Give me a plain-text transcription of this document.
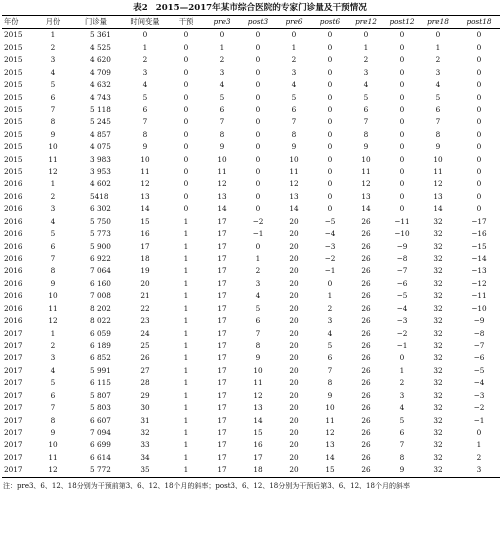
表2 2015—2017年某市综合医院的专家门诊量及干预情况
年份	月份	门诊量	时间变量	干预	pre3	post3	pre6	post6	pre12	post12	pre18	post18
2015	1	5 361	0	0	0	0	0	0	0	0	0	0
2015	2	4 525	1	0	1	0	1	0	1	0	1	0
2015	3	4 620	2	0	2	0	2	0	2	0	2	0
2015	4	4 709	3	0	3	0	3	0	3	0	3	0
2015	5	4 632	4	0	4	0	4	0	4	0	4	0
2015	6	4 743	5	0	5	0	5	0	5	0	5	0
2015	7	5 118	6	0	6	0	6	0	6	0	6	0
2015	8	5 245	7	0	7	0	7	0	7	0	7	0
2015	9	4 857	8	0	8	0	8	0	8	0	8	0
2015	10	4 075	9	0	9	0	9	0	9	0	9	0
2015	11	3 983	10	0	10	0	10	0	10	0	10	0
2015	12	3 953	11	0	11	0	11	0	11	0	11	0
2016	1	4 602	12	0	12	0	12	0	12	0	12	0
2016	2	5418	13	0	13	0	13	0	13	0	13	0
2016	3	6 302	14	0	14	0	14	0	14	0	14	0
2016	4	5 750	15	1	17	−2	20	−5	26	−11	32	−17
2016	5	5 773	16	1	17	−1	20	−4	26	−10	32	−16
2016	6	5 900	17	1	17	0	20	−3	26	−9	32	−15
2016	7	6 922	18	1	17	1	20	−2	26	−8	32	−14
2016	8	7 064	19	1	17	2	20	−1	26	−7	32	−13
2016	9	6 160	20	1	17	3	20	0	26	−6	32	−12
2016	10	7 008	21	1	17	4	20	1	26	−5	32	−11
2016	11	8 202	22	1	17	5	20	2	26	−4	32	−10
2016	12	8 022	23	1	17	6	20	3	26	−3	32	−9
2017	1	6 059	24	1	17	7	20	4	26	−2	32	−8
2017	2	6 189	25	1	17	8	20	5	26	−1	32	−7
2017	3	6 852	26	1	17	9	20	6	26	0	32	−6
2017	4	5 991	27	1	17	10	20	7	26	1	32	−5
2017	5	6 115	28	1	17	11	20	8	26	2	32	−4
2017	6	5 807	29	1	17	12	20	9	26	3	32	−3
2017	7	5 803	30	1	17	13	20	10	26	4	32	−2
2017	8	6 607	31	1	17	14	20	11	26	5	32	−1
2017	9	7 094	32	1	17	15	20	12	26	6	32	0
2017	10	6 699	33	1	17	16	20	13	26	7	32	1
2017	11	6 614	34	1	17	17	20	14	26	8	32	2
2017	12	5 772	35	1	17	18	20	15	26	9	32	3
注：pre3、6、12、18分别为干预前第3、6、12、18个月的斜率；post3、6、12、18分别为干预后第3、6、12、18个月的斜率
